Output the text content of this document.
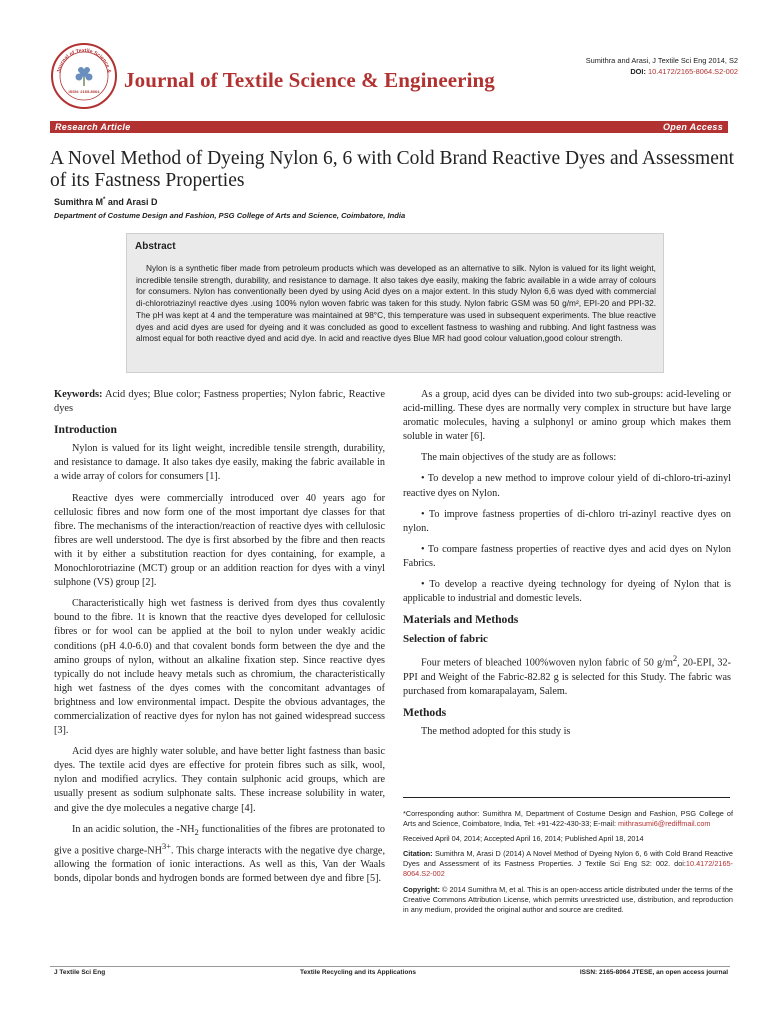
Journal of Textile Science &
ISSN: 2165-8064 Journal of Textile Science & Engineering
Sumithra and Arasi, J Textile Sci Eng 2014, S2
DOI: 10.4172/2165-8064.S2-002
Research Article	Open Access
A Novel Method of Dyeing Nylon 6, 6 with Cold Brand Reactive Dyes and Assessment of its Fastness Properties
Sumithra M* and Arasi D
Department of Costume Design and Fashion, PSG College of Arts and Science, Coimbatore, India
Abstract
Nylon is a synthetic fiber made from petroleum products which was developed as an alternative to silk. Nylon is valued for its light weight, incredible tensile strength, durability, and resistance to damage. It also takes dye easily, making the fabric available in a wide array of colours for consumers. Nylon has conventionally been dyed by using Acid dyes on a major extent. In this study Nylon 6,6 was dyed with commercial di-chlorotriazinyl reactive dyes .using 100% nylon woven fabric was taken for this study. Nylon fabric GSM was 50 g/m², EPI-20 and PPI-32. The pH was kept at 4 and the temperature was maintained at 98°C, this temperature was used in subsequent experiments. The blue reactive dyes and acid dyes are used for dyeing and it was concluded as good to excellent fastness to washing and rubbing. And light fastness was almost equal for both reactive dyed and acid dye. In acid and reactive dyes Blue MR had good colour valuation,good colour strength.

Keywords: Acid dyes; Blue color; Fastness properties; Nylon fabric, Reactive dyes

Introduction

Nylon is valued for its light weight, incredible tensile strength, durability, and resistance to damage. It also takes dye easily, making the fabric available in a wide array of colors for consumers [1].

Reactive dyes were commercially introduced over 40 years ago for cellulosic fibres and now form one of the most important dye classes for that fibre. The mechanisms of the interaction/reaction of reactive dyes with cellulosic fibres are well understood. The dye is first absorbed by the fibre and then reacts with it by either a substitution reaction for dyes containing, for example, a Monochlorotriazine (MCT) group or an addition reaction for dyes with a vinyl sulphone (VS) group [2].

Characteristically high wet fastness is derived from dyes thus covalently bound to the fibre. 1t is known that the reactive dyes developed for cellulosic fibres or for wool can be applied at the boil to nylon under weakly acidic conditions (pH 4.0-6.0) and that covalent bonds form between the dye and the amino groups of nylon, without an alkaline fixation step. Since reactive dyes typically do not include heavy metals such as chromium, the characteristically high wet fastness of the dyes comes with the concomitant advantages of brightness and low environmental impact. Despite the obvious advantages, the commercialization of reactive dyes for nylon has not gained widespread success [3].

Acid dyes are highly water soluble, and have better light fastness than basic dyes. The textile acid dyes are effective for protein fibres such as silk, wool, nylon and modified acrylics. They contain sulphonic acid groups, which are usually present as sodium sulphonate salts. These increase solubility in water, and give the dye molecules a negative charge [4].

In an acidic solution, the $-NH_2$ functionalities of the fibres are protonated to give a positive charge-$NH^{3+}$. This charge interacts with the negative dye charge, allowing the formation of ionic interactions. As well as this, Van der Waals bonds, dipolar bonds and hydrogen bonds are formed between dye and fibre [5].

As a group, acid dyes can be divided into two sub-groups: acid-leveling or acid-milling. These dyes are normally very complex in structure but have large aromatic molecules, having a sulphonyl or amino group which makes them soluble in water [6].

The main objectives of the study are as follows:

• To develop a new method to improve colour yield of di-chloro-tri-azinyl reactive dyes on Nylon.

• To improve fastness properties of di-chloro tri-azinyl reactive dyes on nylon.

• To compare fastness properties of reactive dyes and acid dyes on Nylon Fabrics.

• To develop a reactive dyeing technology for dyeing of Nylon that is applicable to industrial and domestic levels.

Materials and Methods
Selection of fabric

Four meters of bleached 100%woven nylon fabric of 50 $g/m^2$, 20-EPI, 32-PPI and Weight of the Fabric-82.82 g is selected for this Study. The fabric was purchased from komarapalayam, Salem.

Methods

The method adopted for this study is

*Corresponding author: Sumithra M, Department of Costume Design and Fashion, PSG College of Arts and Science, Coimbatore, India, Tel: +91-422-430-33; E-mail: mithrasumi6@rediffmail.com

Received April 04, 2014; Accepted April 16, 2014; Published April 18, 2014

Citation: Sumithra M, Arasi D (2014) A Novel Method of Dyeing Nylon 6, 6 with Cold Brand Reactive Dyes and Assessment of its Fastness Properties. J Textile Sci Eng S2: 002. doi:10.4172/2165-8064.S2-002

Copyright: © 2014 Sumithra M, et al. This is an open-access article distributed under the terms of the Creative Commons Attribution License, which permits unrestricted use, distribution, and reproduction in any medium, provided the original author and source are credited.

J Textile Sci Eng	Textile Recycling and its Applications	ISSN: 2165-8064 JTESE, an open access journal
